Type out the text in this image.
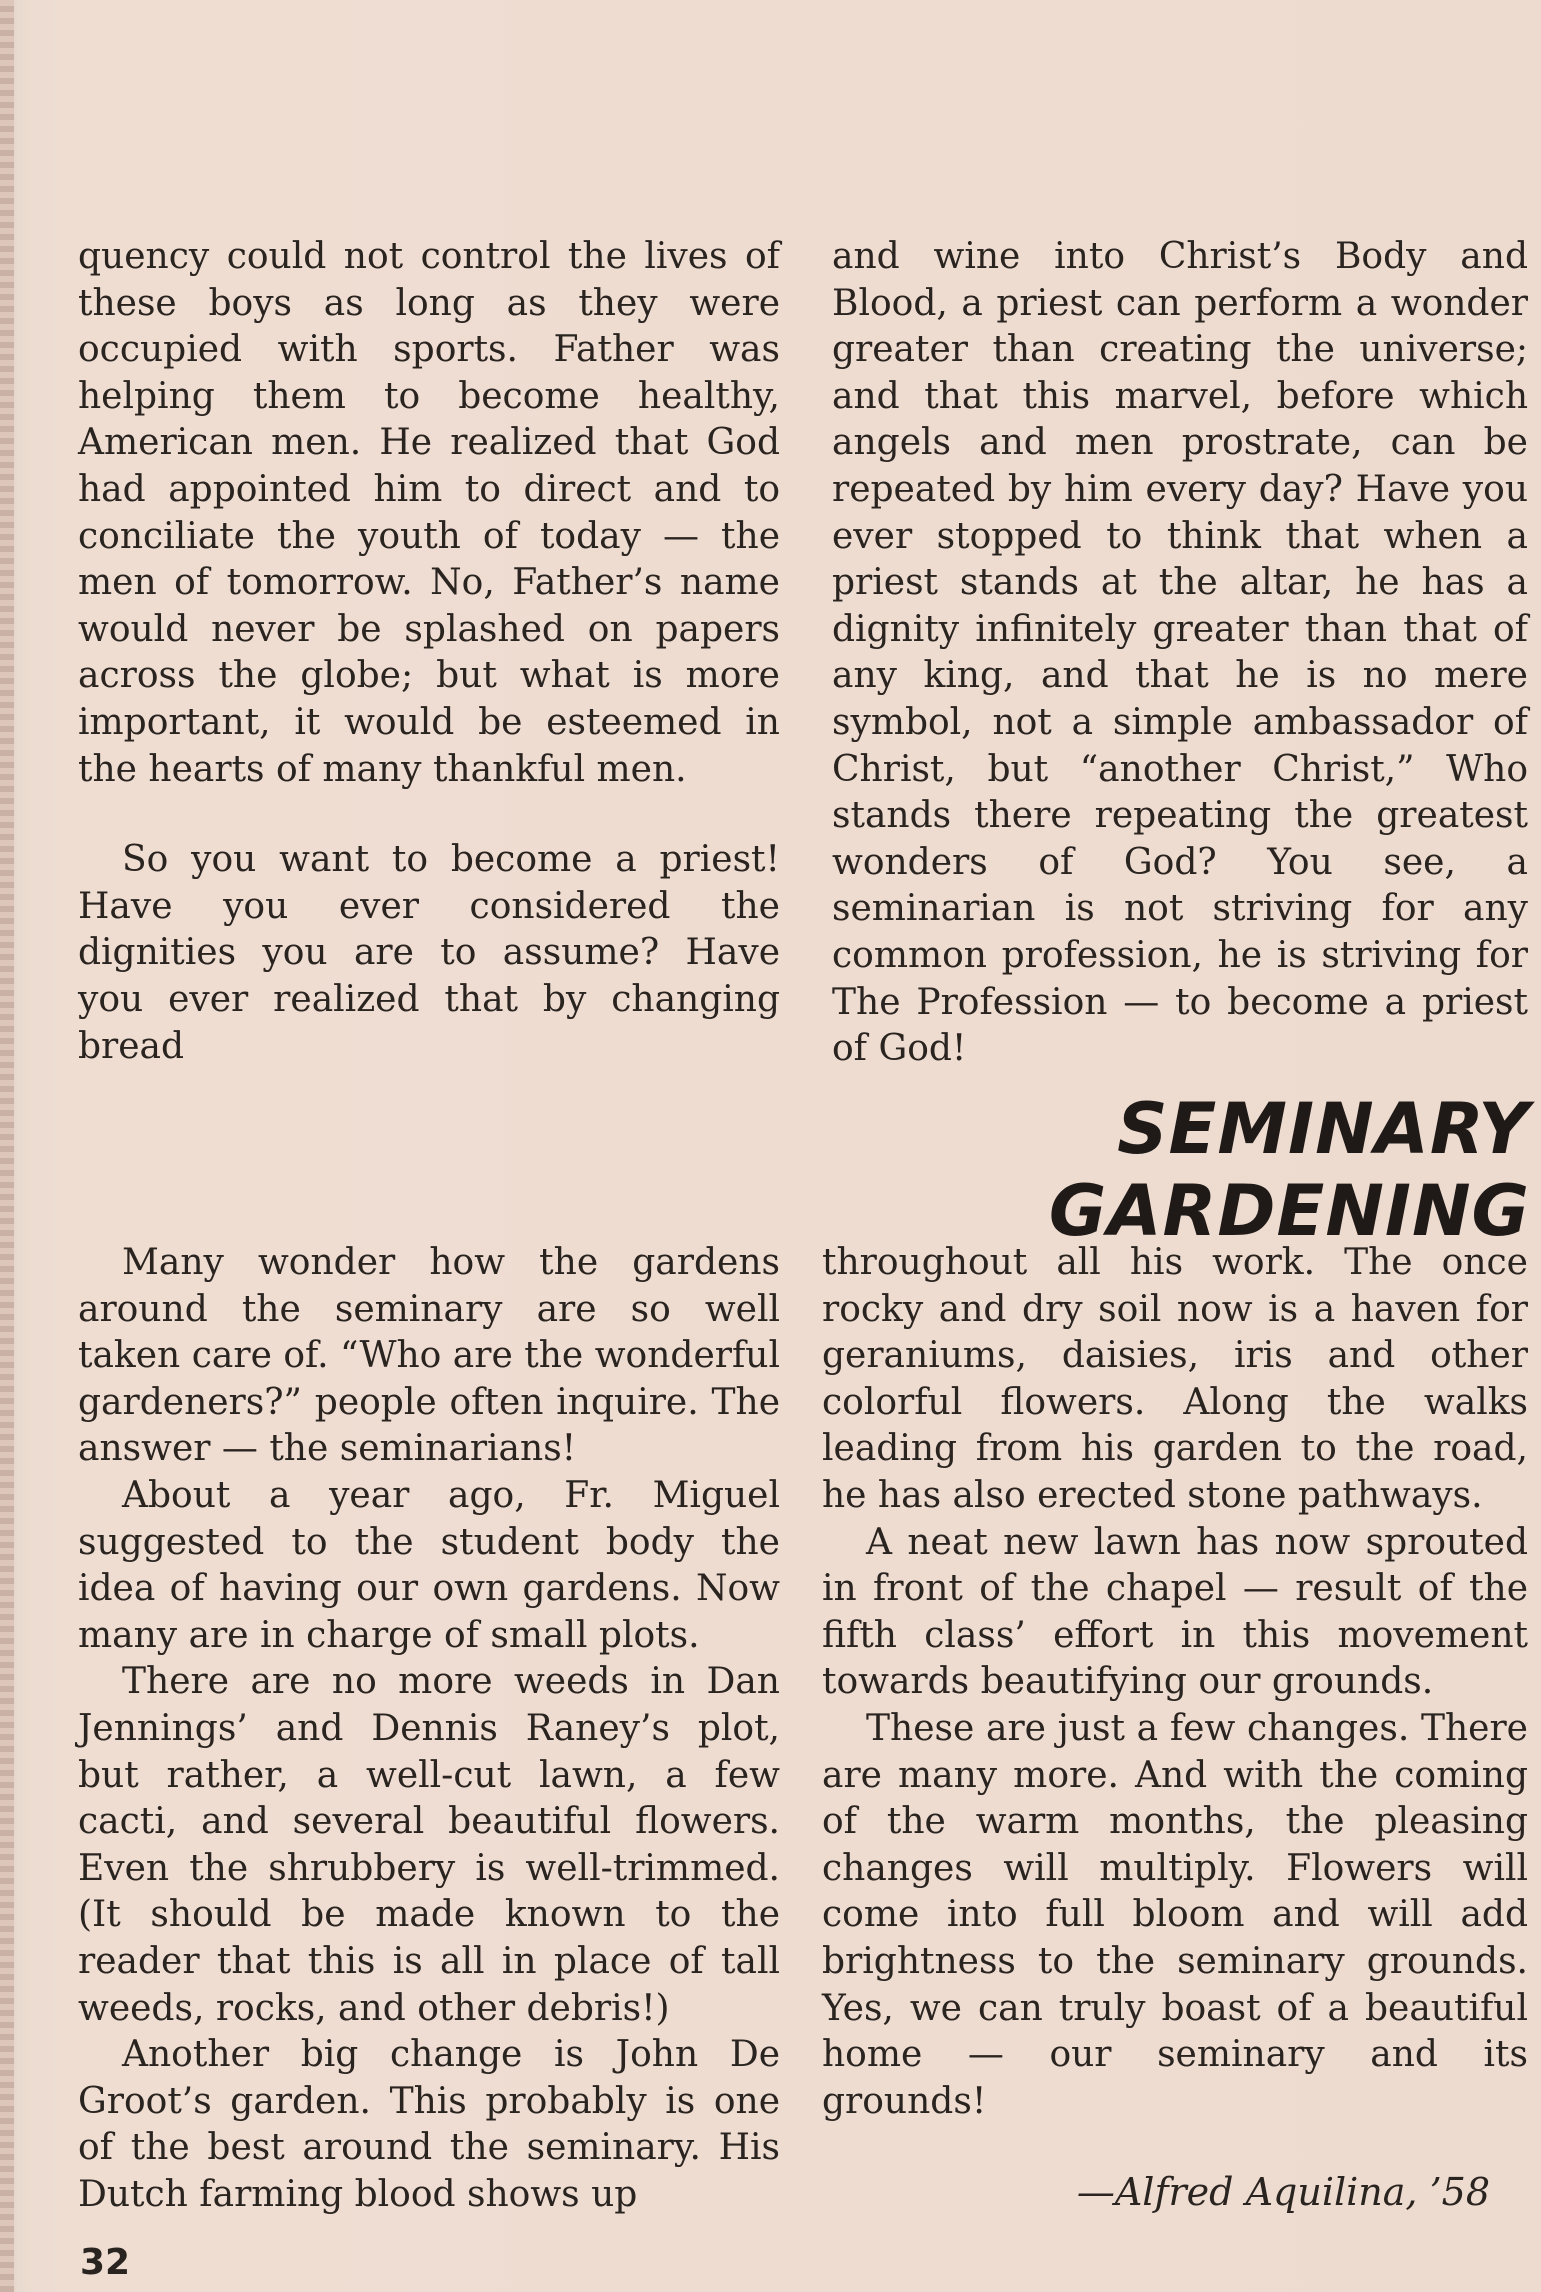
quency could not control the lives of these boys as long as they were occupied with sports. Father was helping them to become healthy, American men. He realized that God had appointed him to direct and to conciliate the youth of today — the men of tomorrow. No, Father’s name would never be splashed on papers across the globe; but what is more important, it would be esteemed in the hearts of many thankful men.

So you want to become a priest! Have you ever considered the dignities you are to assume? Have you ever realized that by changing bread

and wine into Christ’s Body and Blood, a priest can perform a wonder greater than creating the universe; and that this marvel, before which angels and men prostrate, can be repeated by him every day? Have you ever stopped to think that when a priest stands at the altar, he has a dignity infinitely greater than that of any king, and that he is no mere symbol, not a simple ambassador of Christ, but “another Christ,” Who stands there repeating the greatest wonders of God? You see, a seminarian is not striving for any common profession, he is striving for The Profession — to become a priest of God!

SEMINARY GARDENING

Many wonder how the gardens around the seminary are so well taken care of. “Who are the wonderful gardeners?” people often inquire. The answer — the seminarians!

About a year ago, Fr. Miguel suggested to the student body the idea of having our own gardens. Now many are in charge of small plots.

There are no more weeds in Dan Jennings’ and Dennis Raney’s plot, but rather, a well-cut lawn, a few cacti, and several beautiful flowers. Even the shrubbery is well-trimmed. (It should be made known to the reader that this is all in place of tall weeds, rocks, and other debris!)

Another big change is John De Groot’s garden. This probably is one of the best around the seminary. His Dutch farming blood shows up

throughout all his work. The once rocky and dry soil now is a haven for geraniums, daisies, iris and other colorful flowers. Along the walks leading from his garden to the road, he has also erected stone pathways.

A neat new lawn has now sprouted in front of the chapel — result of the fifth class’ effort in this movement towards beautifying our grounds.

These are just a few changes. There are many more. And with the coming of the warm months, the pleasing changes will multiply. Flowers will come into full bloom and will add brightness to the seminary grounds. Yes, we can truly boast of a beautiful home — our seminary and its grounds!

—Alfred Aquilina, ’58
32
